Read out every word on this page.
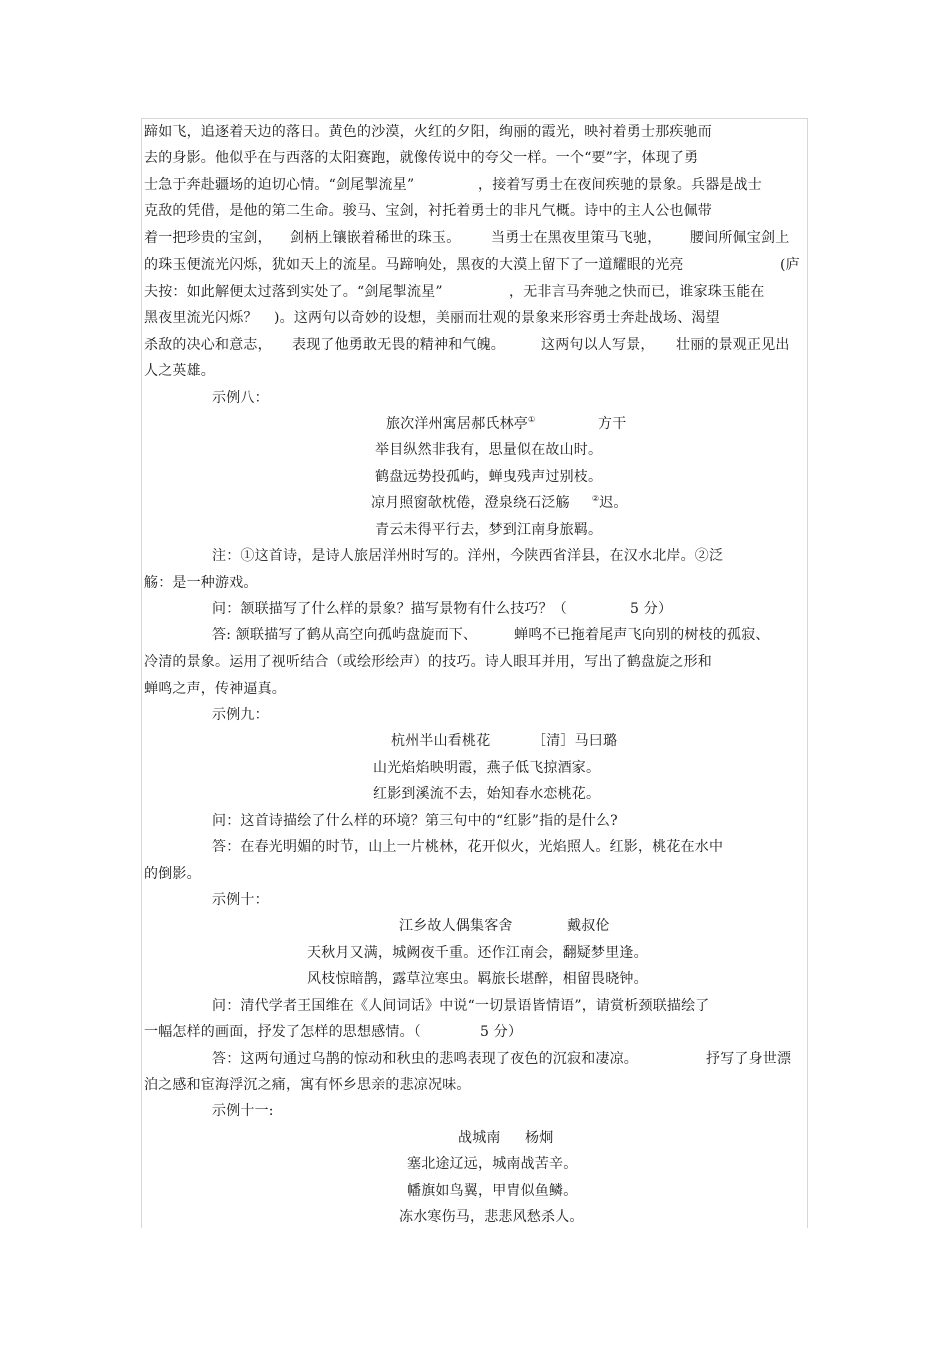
蹄如飞，追逐着天边的落日。黄色的沙漠，火红的夕阳，绚丽的霞光，映衬着勇士那疾驰而
去的身影。他似乎在与西落的太阳赛跑，就像传说中的夸父一样。一个“要”字，体现了勇
士急于奔赴疆场的迫切心情。“剑尾掣流星”	，接着写勇士在夜间疾驰的景象。兵器是战士
克敌的凭借，是他的第二生命。骏马、宝剑，衬托着勇士的非凡气概。诗中的主人公也佩带
着一把珍贵的宝剑， 剑柄上镶嵌着稀世的珠玉。 当勇士在黑夜里策马飞驰， 腰间所佩宝剑上
的珠玉便流光闪烁，犹如天上的流星。马蹄响处，黑夜的大漠上留下了一道耀眼的光亮	(庐
夫按：如此解便太过落到实处了。“剑尾掣流星”	，无非言马奔驰之快而已，谁家珠玉能在
黑夜里流光闪烁？ )。这两句以奇妙的设想，美丽而壮观的景象来形容勇士奔赴战场、渴望
杀敌的决心和意志， 表现了他勇敢无畏的精神和气魄。	这两句以人写景， 壮丽的景观正见出
人之英雄。
示例八：
旅次洋州寓居郝氏林亭①	方干
举目纵然非我有，思量似在故山时。
鹤盘远势投孤屿，蝉曳残声过别枝。
凉月照窗欹枕倦，澄泉绕石泛觞	②迟。
青云未得平行去，梦到江南身旅羁。
注：①这首诗，是诗人旅居洋州时写的。洋州，今陕西省洋县，在汉水北岸。②泛
觞：是一种游戏。
问：颔联描写了什么样的景象？描写景物有什么技巧？（	5 分）
答: 颔联描写了鹤从高空向孤屿盘旋而下、	蝉鸣不已拖着尾声飞向别的树枝的孤寂、
冷清的景象。运用了视听结合（或绘形绘声）的技巧。诗人眼耳并用，写出了鹤盘旋之形和
蝉鸣之声，传神逼真。
示例九：
杭州半山看桃花	［清］马曰璐
山光焰焰映明霞，燕子低飞掠酒家。
红影到溪流不去，始知春水恋桃花。
问：这首诗描绘了什么样的环境？第三句中的“红影”指的是什么?
答：在春光明媚的时节，山上一片桃林，花开似火，光焰照人。红影，桃花在水中
的倒影。
示例十：
江乡故人偶集客舍	戴叔伦
天秋月又满，城阙夜千重。还作江南会，翻疑梦里逢。
风枝惊暗鹊，露草泣寒虫。羁旅长堪醉，相留畏晓钟。
问：清代学者王国维在《人间词话》中说“一切景语皆情语”，请赏析颈联描绘了
一幅怎样的画面，抒发了怎样的思想感情。（	5 分）
答：这两句通过乌鹊的惊动和秋虫的悲鸣表现了夜色的沉寂和凄凉。	抒写了身世漂
泊之感和宦海浮沉之痛，寓有怀乡思亲的悲凉况味。
示例十一:
战城南 杨炯
塞北途辽远，城南战苦辛。
幡旗如鸟翼，甲胄似鱼鳞。
冻水寒伤马，悲悲风愁杀人。
